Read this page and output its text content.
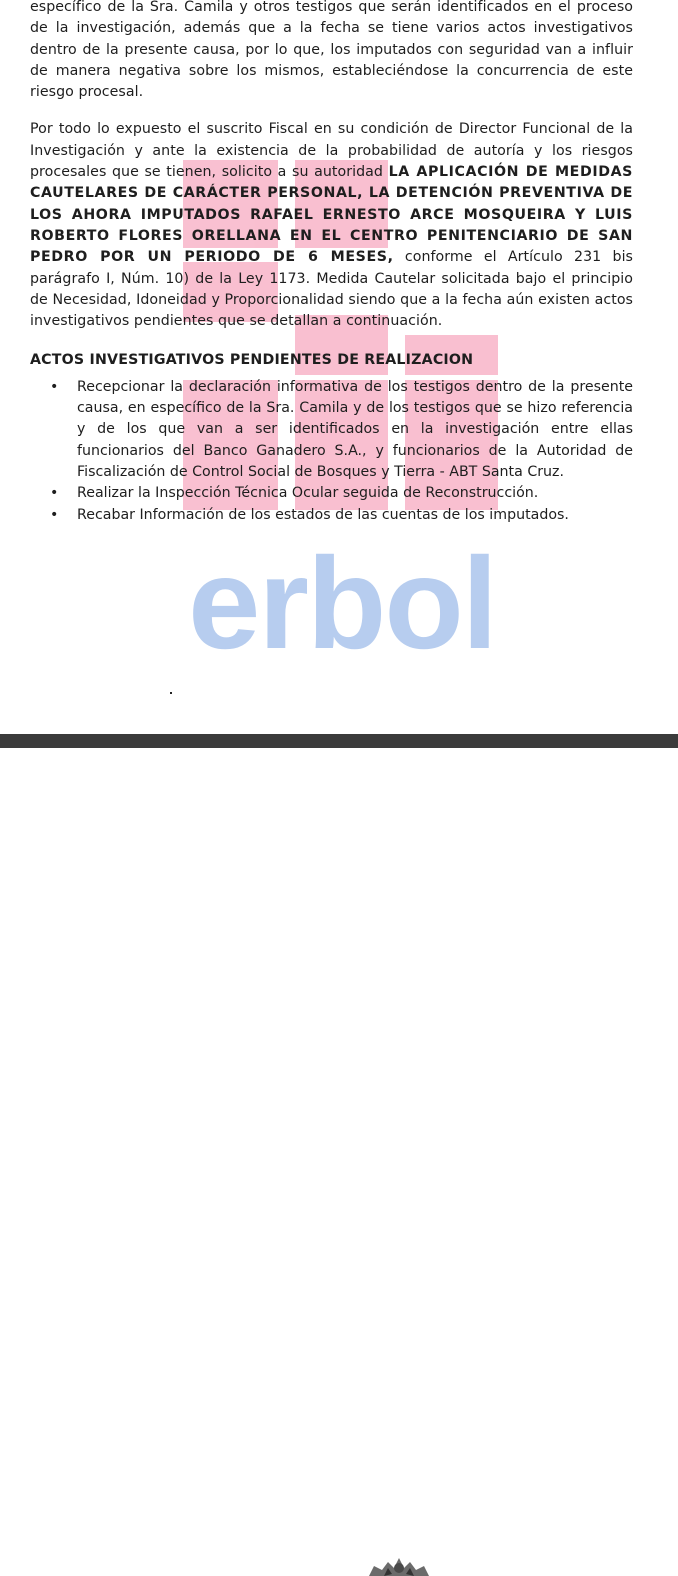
erbol

específico de la Sra. Camila y otros testigos que serán identificados en el proceso de la investigación, además que a la fecha se tiene varios actos investigativos dentro de la presente causa, por lo que, los imputados con seguridad van a influir de manera negativa sobre los mismos, estableciéndose la concurrencia de este riesgo procesal.

Por todo lo expuesto el suscrito Fiscal en su condición de Director Funcional de la Investigación y ante la existencia de la probabilidad de autoría y los riesgos procesales que se tienen, solicito a su autoridad LA APLICACIÓN DE MEDIDAS CAUTELARES DE CARÁCTER PERSONAL, LA DETENCIÓN PREVENTIVA DE LOS AHORA IMPUTADOS RAFAEL ERNESTO ARCE MOSQUEIRA Y LUIS ROBERTO FLORES ORELLANA EN EL CENTRO PENITENCIARIO DE SAN PEDRO POR UN PERIODO DE 6 MESES, conforme el Artículo 231 bis parágrafo I, Núm. 10) de la Ley 1173. Medida Cautelar solicitada bajo el principio de Necesidad, Idoneidad y Proporcionalidad siendo que a la fecha aún existen actos investigativos pendientes que se detallan a continuación.

ACTOS INVESTIGATIVOS PENDIENTES DE REALIZACION
• Recepcionar la declaración informativa de los testigos dentro de la presente causa, en específico de la Sra. Camila y de los testigos que se hizo referencia y de los que van a ser identificados en la investigación entre ellas funcionarios del Banco Ganadero S.A., y funcionarios de la Autoridad de Fiscalización de Control Social de Bosques y Tierra - ABT Santa Cruz.
• Realizar la Inspección Técnica Ocular seguida de Reconstrucción.
• Recabar Información de los estados de las cuentas de los imputados.
